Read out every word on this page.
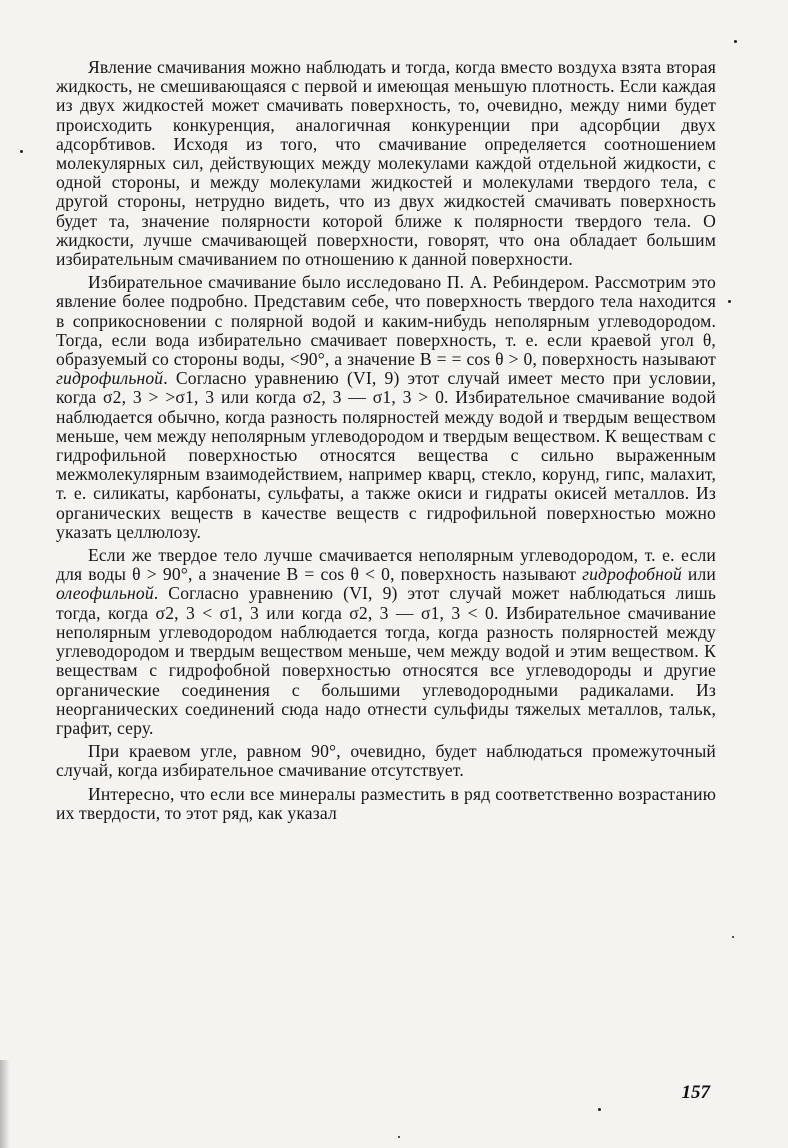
Явление смачивания можно наблюдать и тогда, когда вместо воздуха взята вторая жидкость, не смешивающаяся с первой и имеющая меньшую плотность. Если каждая из двух жидкостей может смачивать поверхность, то, очевидно, между ними будет происходить конкуренция, аналогичная конкуренции при адсорбции двух адсорбтивов. Исходя из того, что смачивание определяется соотношением молекулярных сил, действующих между молекулами каждой отдельной жидкости, с одной стороны, и между молекулами жидкостей и молекулами твердого тела, с другой стороны, нетрудно видеть, что из двух жидкостей смачивать поверхность будет та, значение полярности которой ближе к полярности твердого тела. О жидкости, лучше смачивающей поверхности, говорят, что она обладает большим избирательным смачиванием по отношению к данной поверхности.

Избирательное смачивание было исследовано П. А. Ребиндером. Рассмотрим это явление более подробно. Представим себе, что поверхность твердого тела находится в соприкосновении с полярной водой и каким-нибудь неполярным углеводородом. Тогда, если вода избирательно смачивает поверхность, т. е. если краевой угол θ, образуемый со стороны воды, <90°, а значение B = = cos θ > 0, поверхность называют гидрофильной. Согласно уравнению (VI, 9) этот случай имеет место при условии, когда σ2, 3 > >σ1, 3 или когда σ2, 3 — σ1, 3 > 0. Избирательное смачивание водой наблюдается обычно, когда разность полярностей между водой и твердым веществом меньше, чем между неполярным углеводородом и твердым веществом. К веществам с гидрофильной поверхностью относятся вещества с сильно выраженным межмолекулярным взаимодействием, например кварц, стекло, корунд, гипс, малахит, т. е. силикаты, карбонаты, сульфаты, а также окиси и гидраты окисей металлов. Из органических веществ в качестве веществ с гидрофильной поверхностью можно указать целлюлозу.

Если же твердое тело лучше смачивается неполярным углеводородом, т. е. если для воды θ > 90°, а значение B = cos θ < 0, поверхность называют гидрофобной или олеофильной. Согласно уравнению (VI, 9) этот случай может наблюдаться лишь тогда, когда σ2, 3 < σ1, 3 или когда σ2, 3 — σ1, 3 < 0. Избирательное смачивание неполярным углеводородом наблюдается тогда, когда разность полярностей между углеводородом и твердым веществом меньше, чем между водой и этим веществом. К веществам с гидрофобной поверхностью относятся все углеводороды и другие органические соединения с большими углеводородными радикалами. Из неорганических соединений сюда надо отнести сульфиды тяжелых металлов, тальк, графит, серу.

При краевом угле, равном 90°, очевидно, будет наблюдаться промежуточный случай, когда избирательное смачивание отсутствует.

Интересно, что если все минералы разместить в ряд соответственно возрастанию их твердости, то этот ряд, как указал

157
